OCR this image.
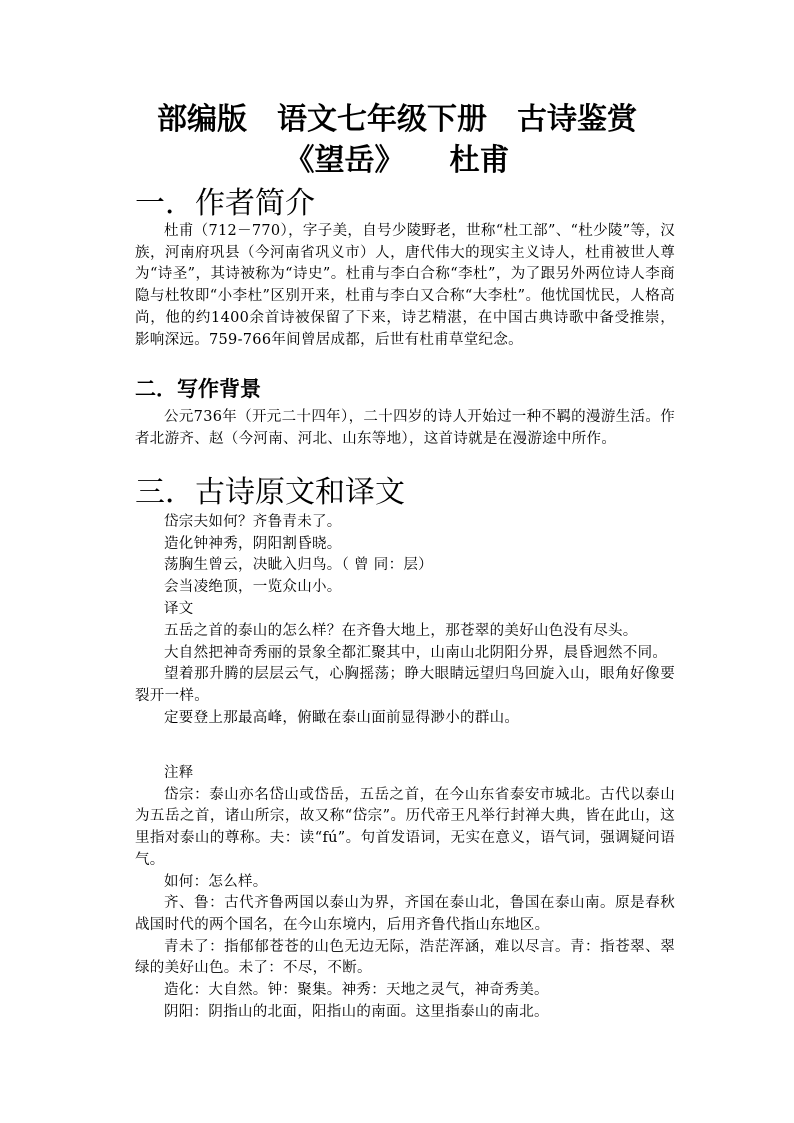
部编版　语文七年级下册　古诗鉴赏
《望岳》　　杜甫
一．作者简介

杜甫（712－770），字子美，自号少陵野老，世称“杜工部”、“杜少陵”等，汉族，河南府巩县（今河南省巩义市）人，唐代伟大的现实主义诗人，杜甫被世人尊为“诗圣”，其诗被称为“诗史”。杜甫与李白合称“李杜”，为了跟另外两位诗人李商隐与杜牧即“小李杜”区别开来，杜甫与李白又合称“大李杜”。他忧国忧民，人格高尚，他的约1400余首诗被保留了下来，诗艺精湛，在中国古典诗歌中备受推崇，影响深远。759-766年间曾居成都，后世有杜甫草堂纪念。

二．写作背景

公元736年（开元二十四年），二十四岁的诗人开始过一种不羁的漫游生活。作者北游齐、赵（今河南、河北、山东等地），这首诗就是在漫游途中所作。

三．古诗原文和译文
岱宗夫如何？齐鲁青未了。
造化钟神秀，阴阳割昏晓。
荡胸生曾云，决眦入归鸟。（ 曾 同：层）
会当凌绝顶，一览众山小。
译文

五岳之首的泰山的怎么样？在齐鲁大地上，那苍翠的美好山色没有尽头。

大自然把神奇秀丽的景象全都汇聚其中，山南山北阴阳分界，晨昏迥然不同。

望着那升腾的层层云气，心胸摇荡；睁大眼睛远望归鸟回旋入山，眼角好像要裂开一样。

定要登上那最高峰，俯瞰在泰山面前显得渺小的群山。

注释

岱宗：泰山亦名岱山或岱岳，五岳之首，在今山东省泰安市城北。古代以泰山为五岳之首，诸山所宗，故又称“岱宗”。历代帝王凡举行封禅大典，皆在此山，这里指对泰山的尊称。夫：读“fú”。句首发语词，无实在意义，语气词，强调疑问语气。

如何：怎么样。

齐、鲁：古代齐鲁两国以泰山为界，齐国在泰山北，鲁国在泰山南。原是春秋战国时代的两个国名，在今山东境内，后用齐鲁代指山东地区。

青未了：指郁郁苍苍的山色无边无际，浩茫浑涵，难以尽言。青：指苍翠、翠绿的美好山色。未了：不尽，不断。

造化：大自然。钟：聚集。神秀：天地之灵气，神奇秀美。

阴阳：阴指山的北面，阳指山的南面。这里指泰山的南北。
